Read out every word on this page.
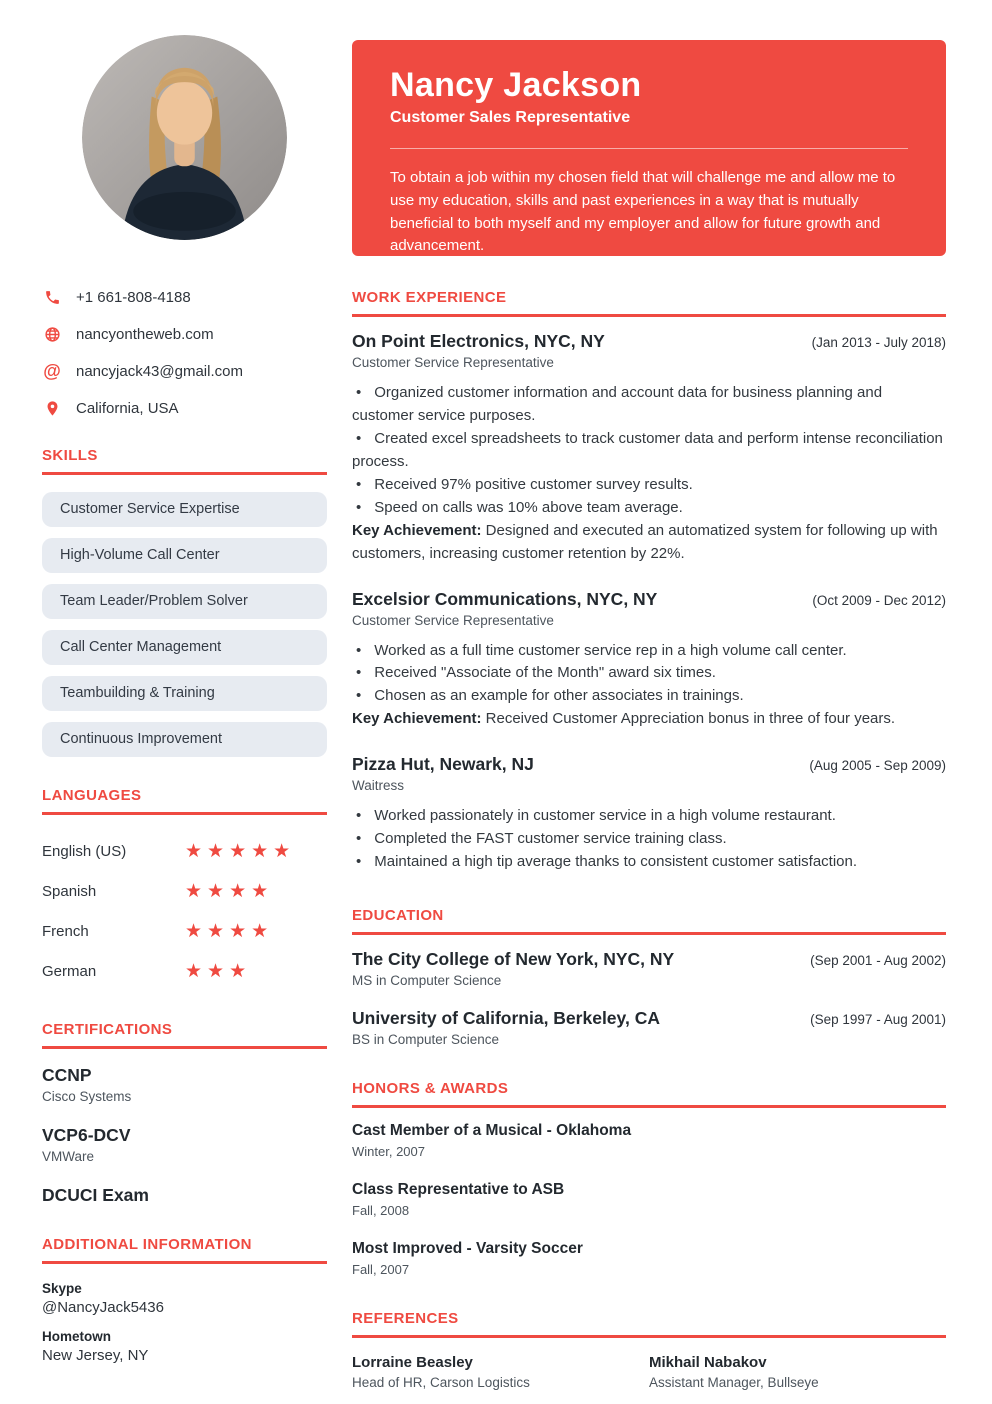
+1 661-808-4188
nancyontheweb.com
@ nancyjack43@gmail.com
California, USA
SKILLS
Customer Service Expertise
High-Volume Call Center
Team Leader/Problem Solver
Call Center Management
Teambuilding & Training
Continuous Improvement
LANGUAGES
English (US)	★★★★★
Spanish	★★★★
French	★★★★
German	★★★
CERTIFICATIONS
CCNP
Cisco Systems
VCP6-DCV
VMWare
DCUCI Exam
ADDITIONAL INFORMATION
Skype
@NancyJack5436
Hometown
New Jersey, NY
Nancy Jackson
Customer Sales Representative
To obtain a job within my chosen field that will challenge me and allow me to use my education, skills and past experiences in a way that is mutually beneficial to both myself and my employer and allow for future growth and advancement.
WORK EXPERIENCE
On Point Electronics, NYC, NY	(Jan 2013 - July 2018)
Customer Service Representative
• Organized customer information and account data for business planning and customer service purposes.
• Created excel spreadsheets to track customer data and perform intense reconciliation process.
• Received 97% positive customer survey results.
• Speed on calls was 10% above team average.
Key Achievement: Designed and executed an automatized system for following up with customers, increasing customer retention by 22%.
Excelsior Communications, NYC, NY	(Oct 2009 - Dec 2012)
Customer Service Representative
• Worked as a full time customer service rep in a high volume call center.
• Received "Associate of the Month" award six times.
• Chosen as an example for other associates in trainings.
Key Achievement: Received Customer Appreciation bonus in three of four years.
Pizza Hut, Newark, NJ	(Aug 2005 - Sep 2009)
Waitress
• Worked passionately in customer service in a high volume restaurant.
• Completed the FAST customer service training class.
• Maintained a high tip average thanks to consistent customer satisfaction.
EDUCATION
The City College of New York, NYC, NY	(Sep 2001 - Aug 2002)
MS in Computer Science
University of California, Berkeley, CA	(Sep 1997 - Aug 2001)
BS in Computer Science
HONORS & AWARDS
Cast Member of a Musical - Oklahoma
Winter, 2007
Class Representative to ASB
Fall, 2008
Most Improved - Varsity Soccer
Fall, 2007
REFERENCES
Lorraine Beasley
Head of HR, Carson Logistics
Mikhail Nabakov
Assistant Manager, Bullseye
